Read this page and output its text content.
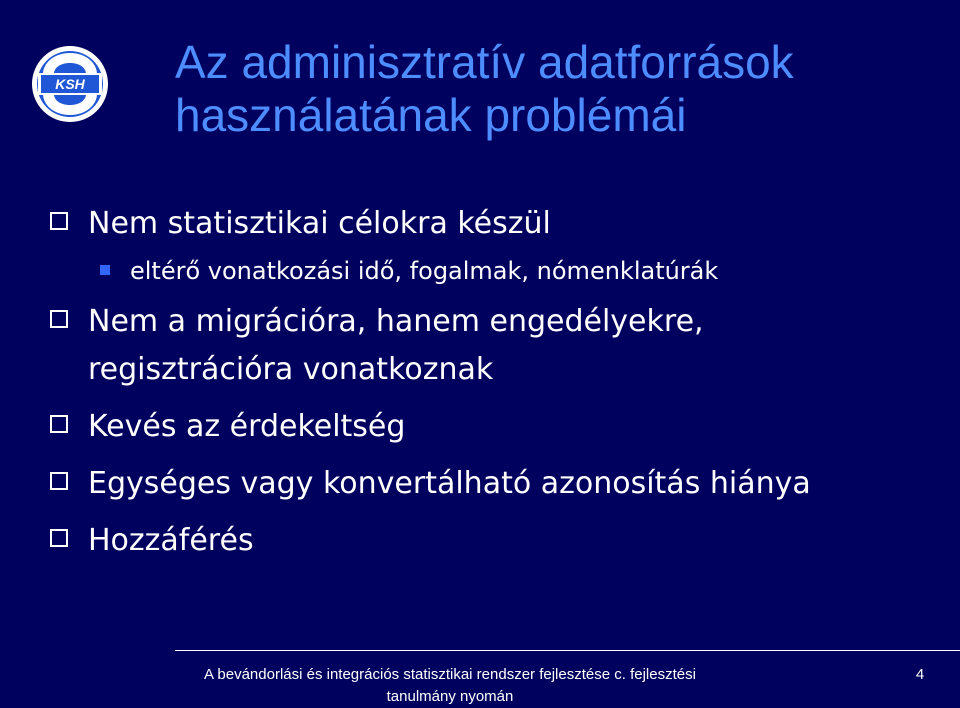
KSH Az adminisztratív adatforrások
használatának problémái
Nem statisztikai célokra készül
eltérő vonatkozási idő, fogalmak, nómenklatúrák
Nem a migrációra, hanem engedélyekre,
regisztrációra vonatkoznak
Kevés az érdekeltség
Egységes vagy konvertálható azonosítás hiánya
Hozzáférés
A bevándorlási és integrációs statisztikai rendszer fejlesztése c. fejlesztési
tanulmány nyomán
4
